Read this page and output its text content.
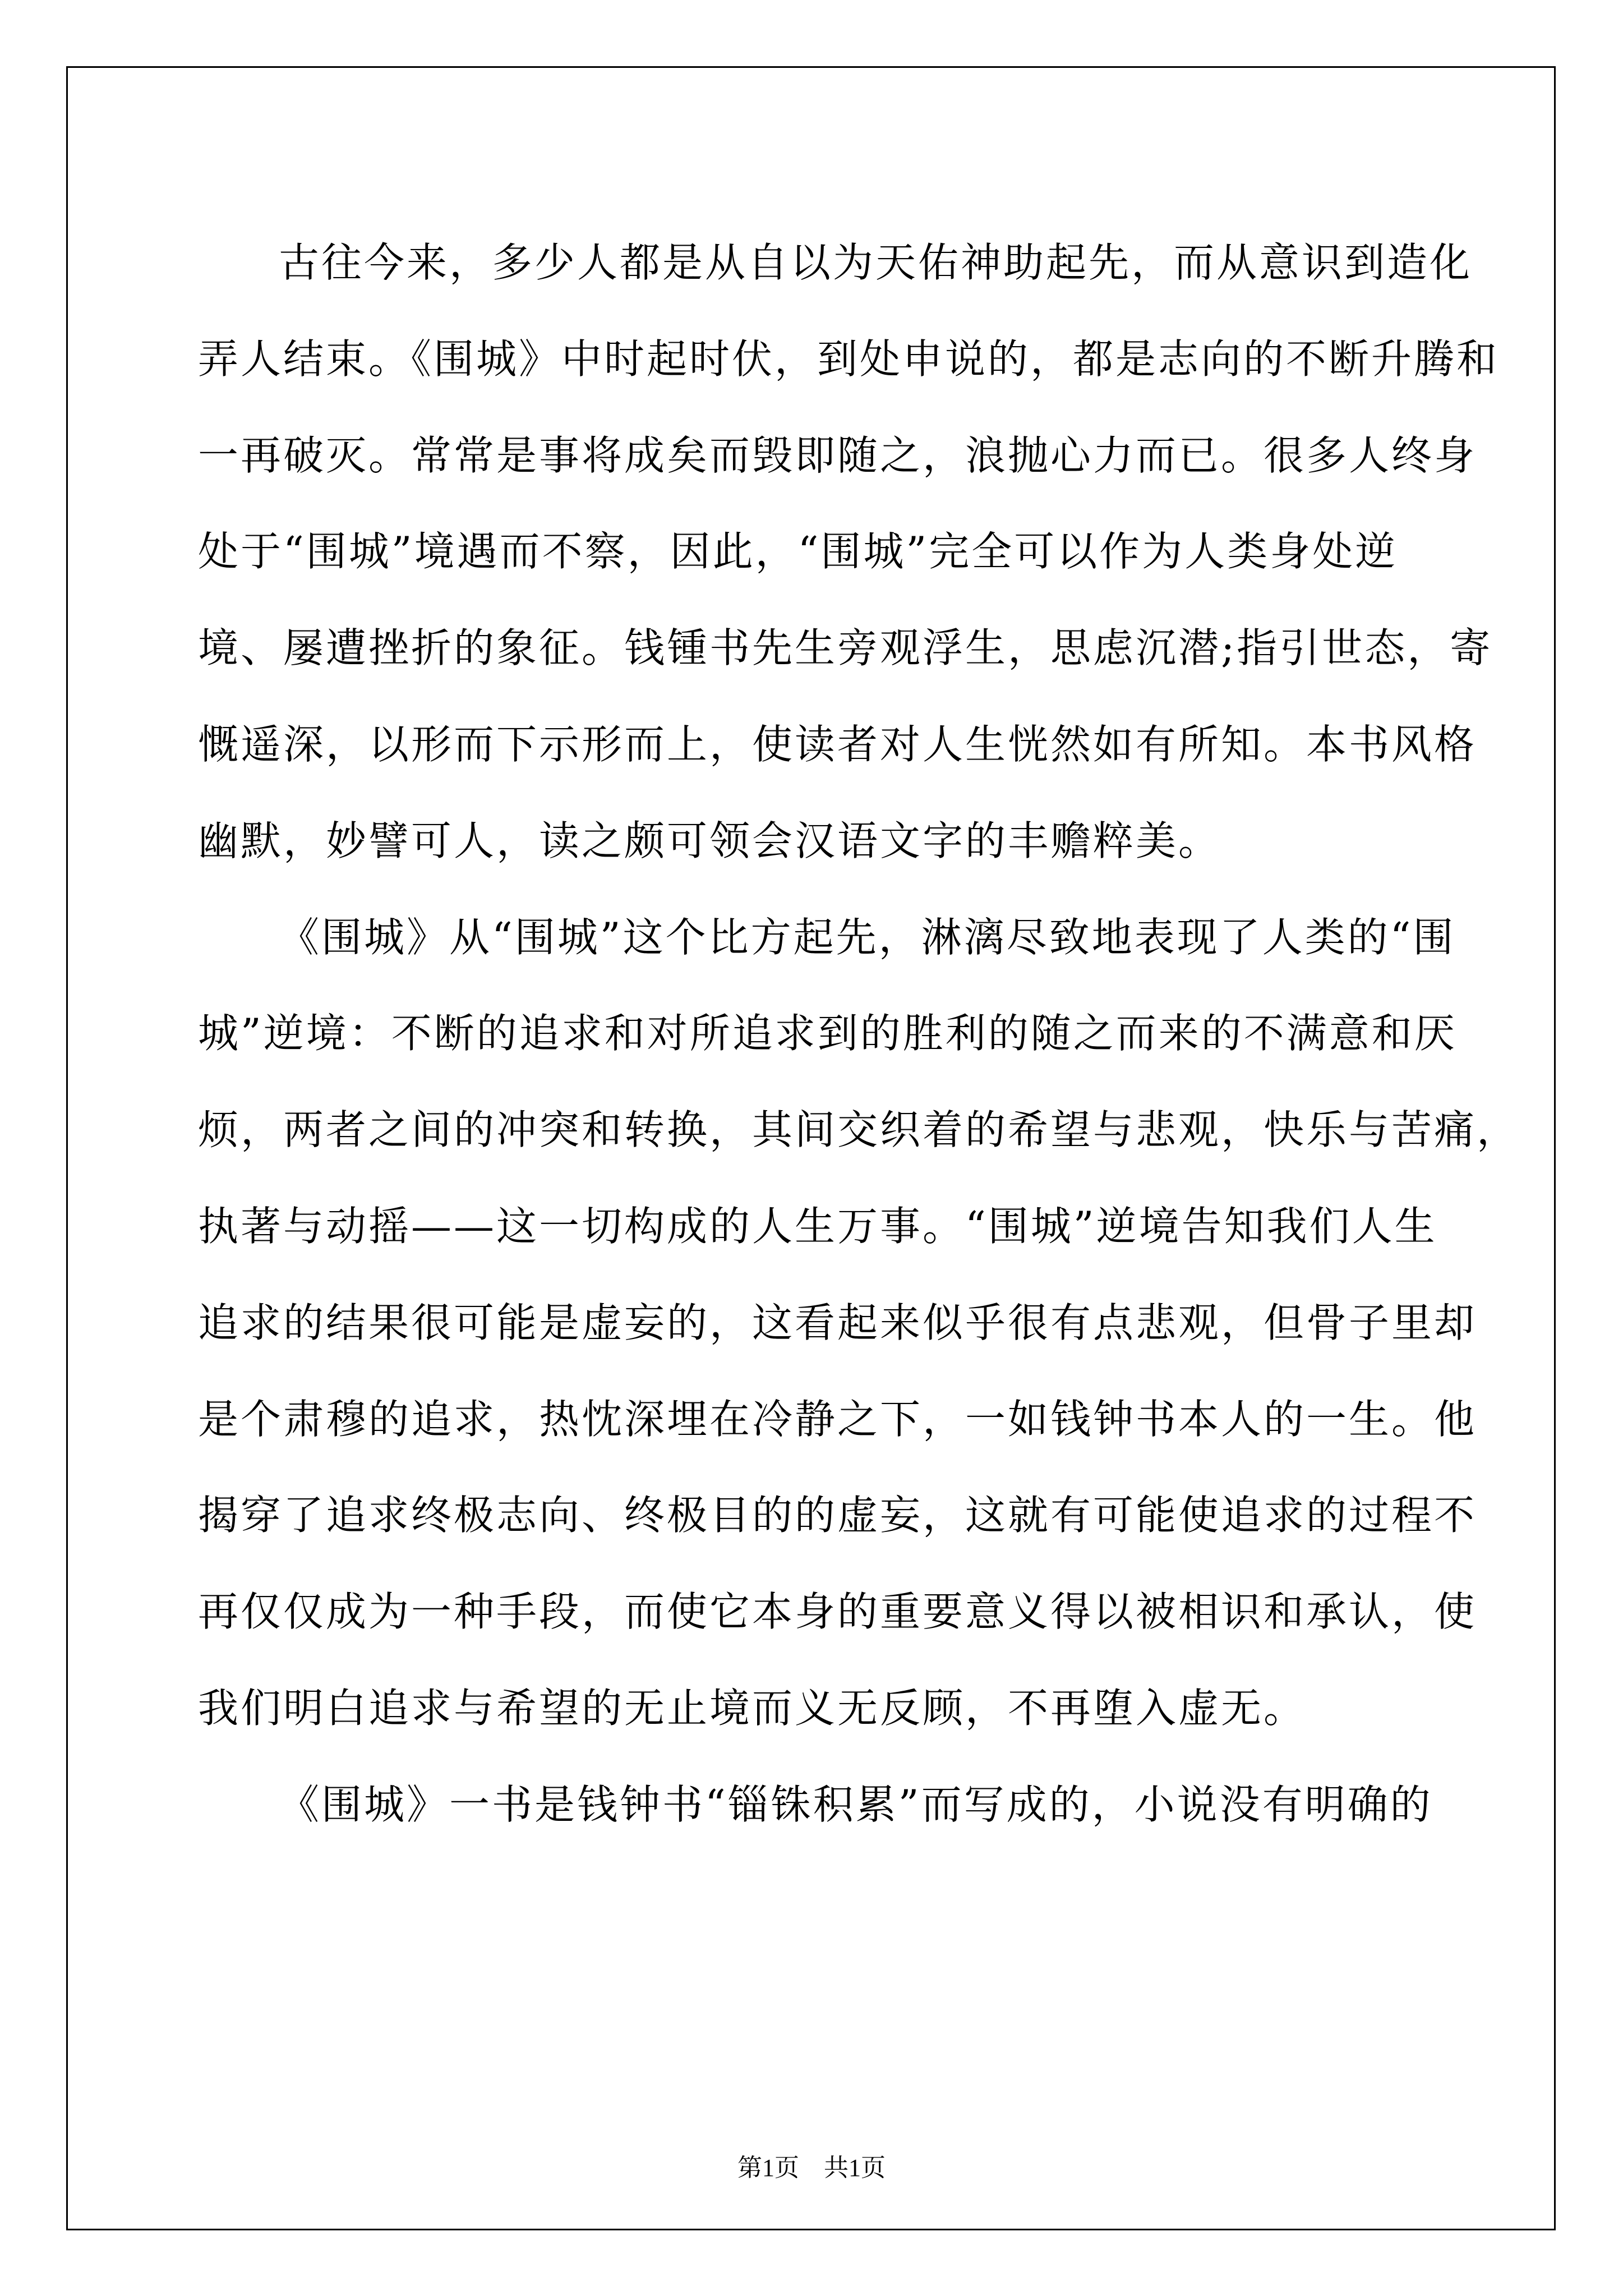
古往今来，多少人都是从自以为天佑神助起先，而从意识到造化
弄人结束。《围城》中时起时伏，到处申说的，都是志向的不断升腾和
一再破灭。常常是事将成矣而毁即随之，浪抛心力而已。很多人终身
处于“围城”境遇而不察，因此，“围城”完全可以作为人类身处逆
境、屡遭挫折的象征。钱锺书先生旁观浮生，思虑沉潜;指引世态，寄
慨遥深，以形而下示形而上，使读者对人生恍然如有所知。本书风格
幽默，妙譬可人，读之颇可领会汉语文字的丰赡粹美。
《围城》从“围城”这个比方起先，淋漓尽致地表现了人类的“围
城”逆境：不断的追求和对所追求到的胜利的随之而来的不满意和厌
烦，两者之间的冲突和转换，其间交织着的希望与悲观，快乐与苦痛，
执著与动摇——这一切构成的人生万事。“围城”逆境告知我们人生
追求的结果很可能是虚妄的，这看起来似乎很有点悲观，但骨子里却
是个肃穆的追求，热忱深埋在冷静之下，一如钱钟书本人的一生。他
揭穿了追求终极志向、终极目的的虚妄，这就有可能使追求的过程不
再仅仅成为一种手段，而使它本身的重要意义得以被相识和承认，使
我们明白追求与希望的无止境而义无反顾，不再堕入虚无。
《围城》一书是钱钟书“锱铢积累”而写成的，小说没有明确的
第1页 共1页
